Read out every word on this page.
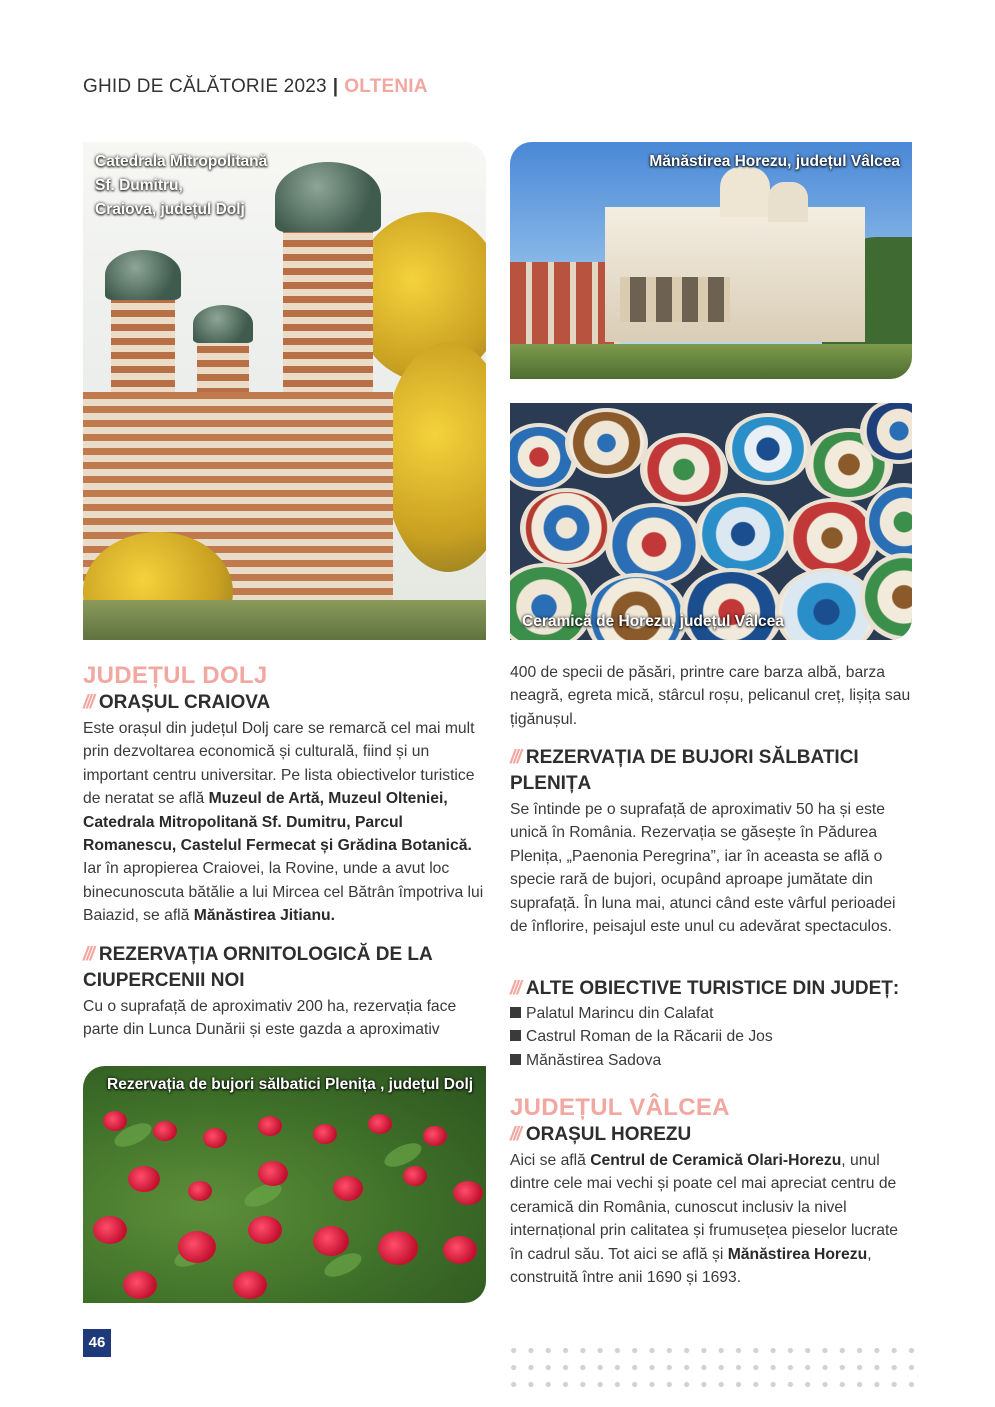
GHID DE CĂLĂTORIE 2023 | OLTENIA
Catedrala Mitropolitană
Sf. Dumitru,
Craiova, județul Dolj
Mănăstirea Horezu, județul Vâlcea
Ceramică de Horezu, județul Vâlcea
JUDEȚUL DOLJ
/// ORAȘUL CRAIOVA

Este orașul din județul Dolj care se remarcă cel mai mult prin dezvoltarea economică și culturală, fiind și un important centru universitar. Pe lista obiectivelor turistice de neratat se află Muzeul de Artă, Muzeul Olteniei, Catedrala Mitropolitană Sf. Dumitru, Parcul Romanescu, Castelul Fermecat și Grădina Botanică. Iar în apropierea Craiovei, la Rovine, unde a avut loc binecunoscuta bătălie a lui Mircea cel Bătrân împotriva lui Baiazid, se află Mănăstirea Jitianu.

/// REZERVAȚIA ORNITOLOGICĂ DE LA CIUPERCENII NOI

Cu o suprafață de aproximativ 200 ha, rezervația face parte din Lunca Dunării și este gazda a aproximativ

Rezervația de bujori sălbatici Plenița , județul Dolj

400 de specii de păsări, printre care barza albă, barza neagră, egreta mică, stârcul roșu, pelicanul creț, lișița sau țigănușul.

/// REZERVAȚIA DE BUJORI SĂLBATICI PLENIȚA

Se întinde pe o suprafață de aproximativ 50 ha și este unică în România. Rezervația se găsește în Pădurea Plenița, „Paenonia Peregrina”, iar în aceasta se află o specie rară de bujori, ocupând aproape jumătate din suprafață. În luna mai, atunci când este vârful perioadei de înflorire, peisajul este unul cu adevărat spectaculos.

/// ALTE OBIECTIVE TURISTICE DIN JUDEȚ:
Palatul Marincu din Calafat
Castrul Roman de la Răcarii de Jos
Mănăstirea Sadova
JUDEȚUL VÂLCEA
/// ORAȘUL HOREZU

Aici se află Centrul de Ceramică Olari-Horezu, unul dintre cele mai vechi și poate cel mai apreciat centru de ceramică din România, cunoscut inclusiv la nivel internațional prin calitatea și frumusețea pieselor lucrate în cadrul său. Tot aici se află și Mănăstirea Horezu, construită între anii 1690 și 1693.

46
